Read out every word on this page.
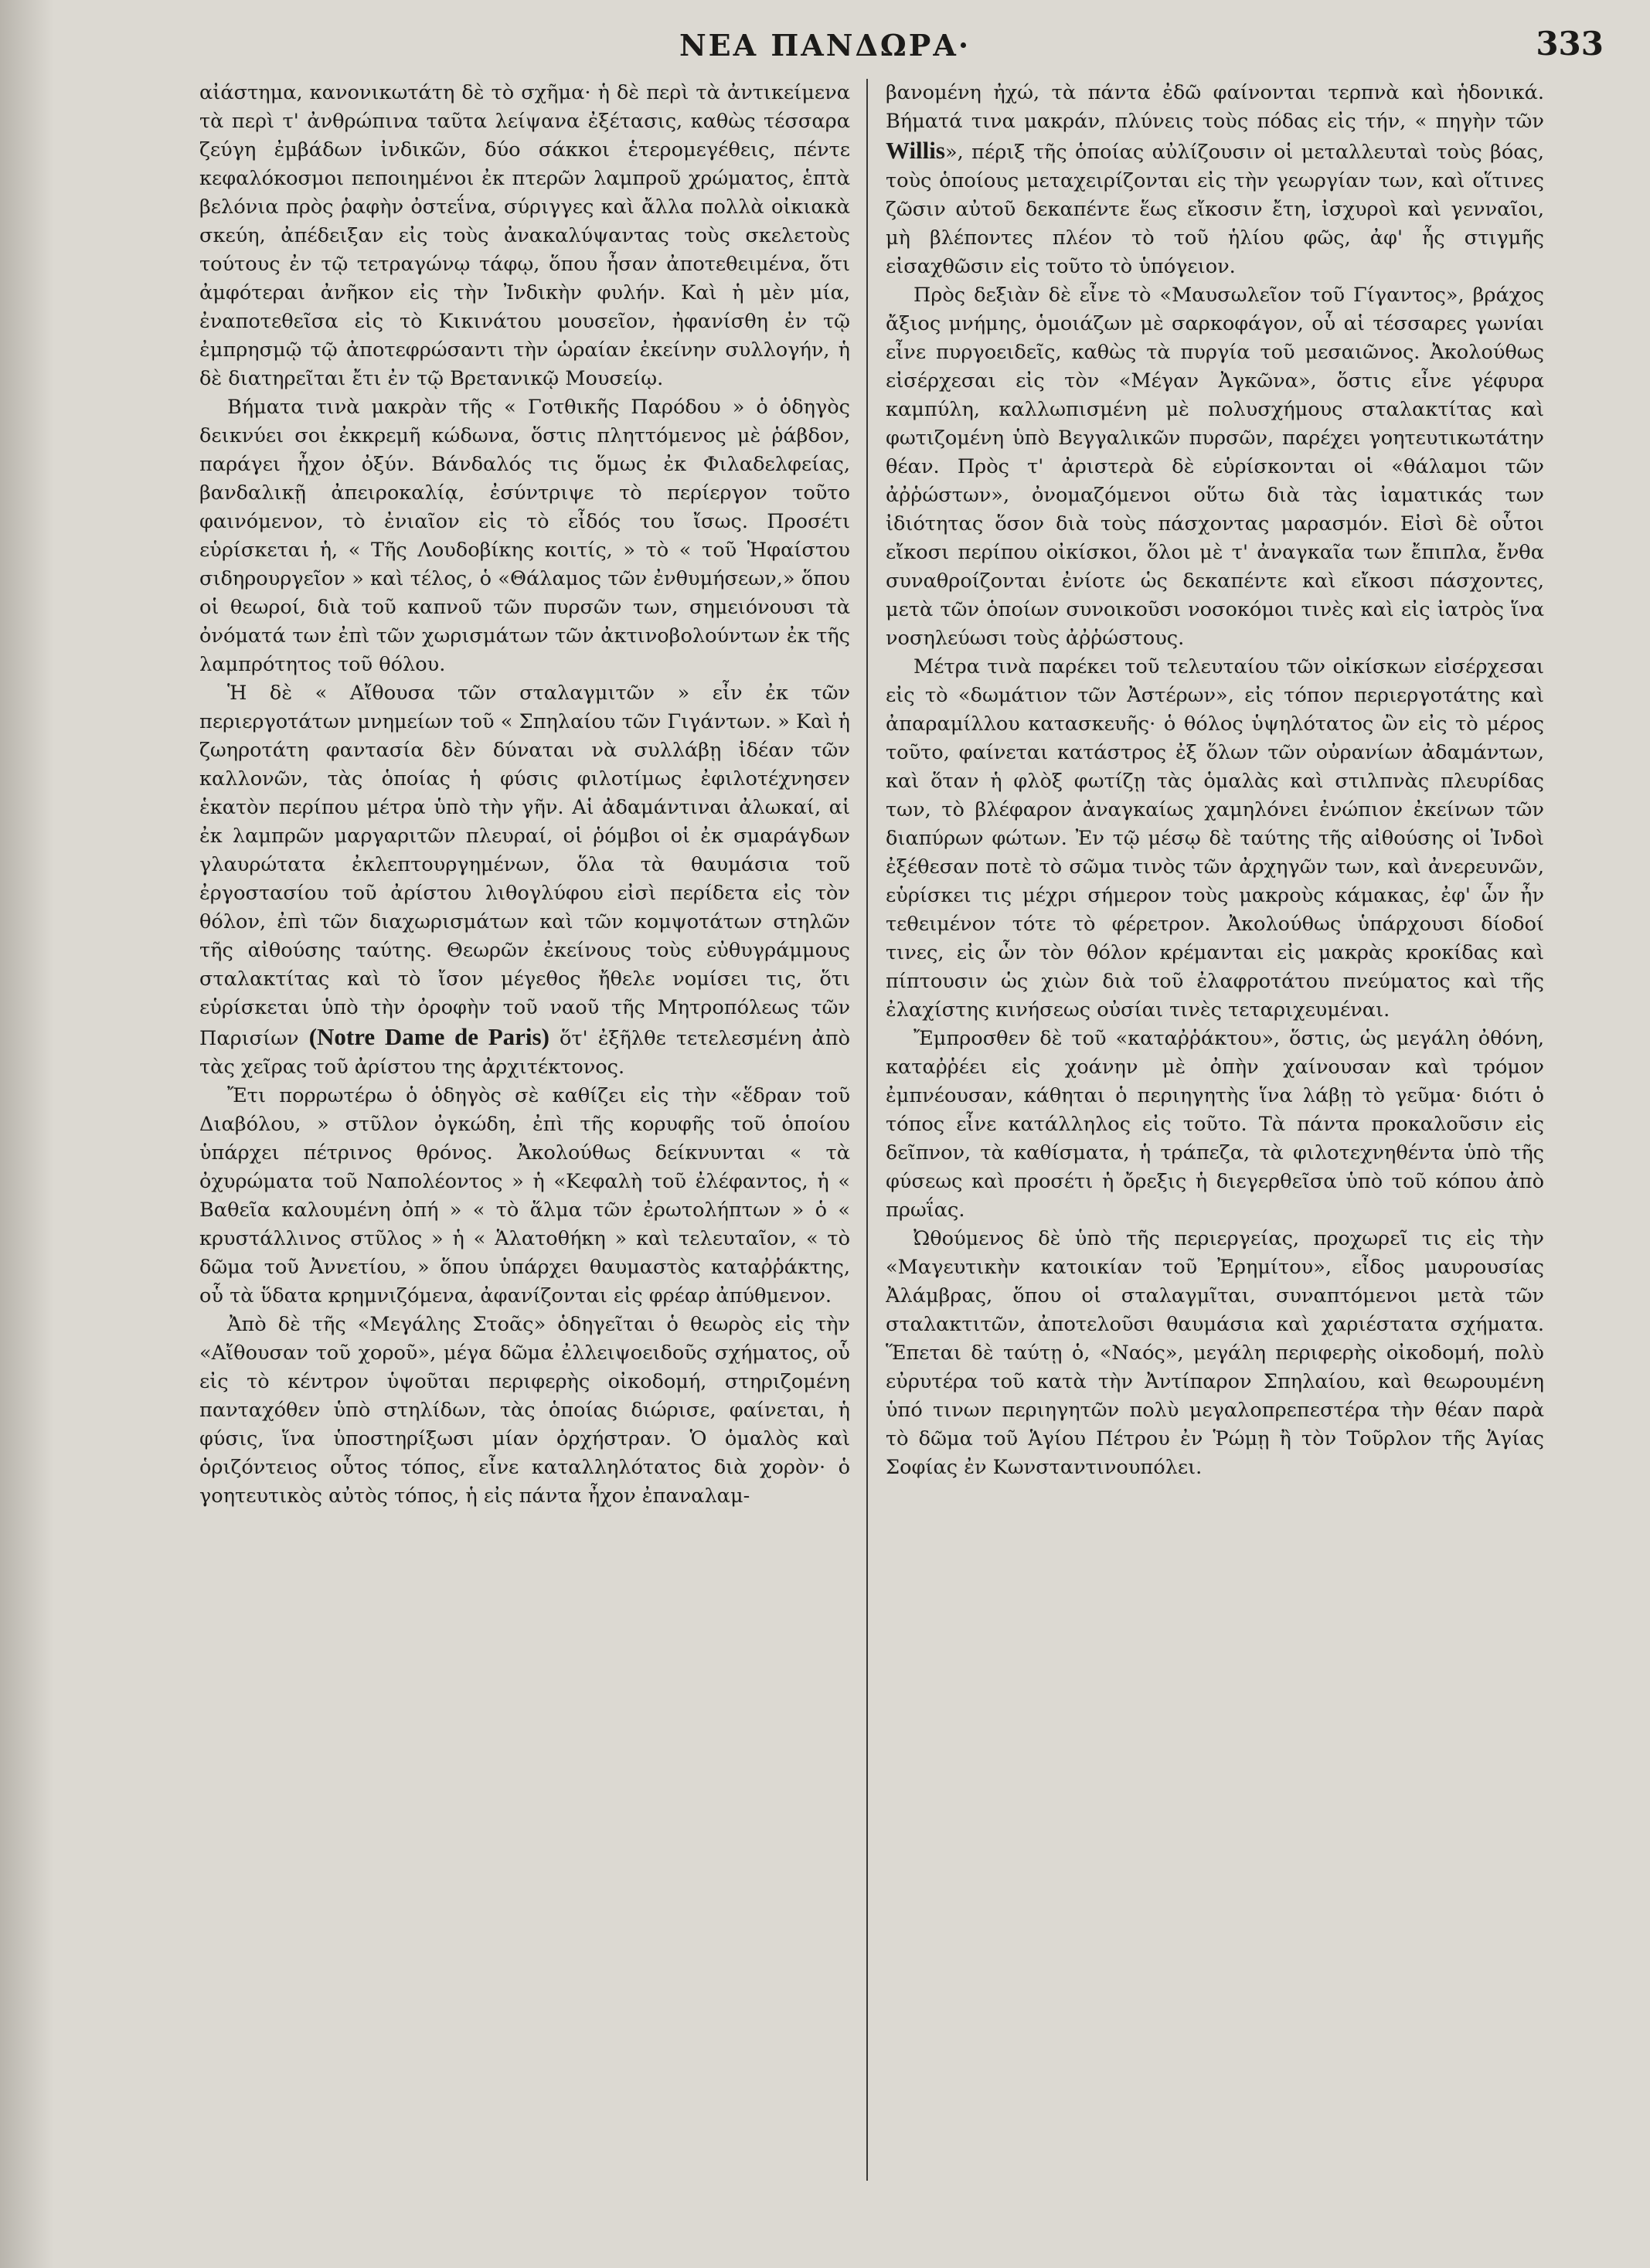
ΝΕΑ ΠΑΝΔΩΡΑ·	333

αἰάστημα, κανονικωτάτη δὲ τὸ σχῆμα· ἡ δὲ περὶ τὰ ἀντικείμενα τὰ περὶ τ' ἀνθρώπινα ταῦτα λείψανα ἐξέτασις, καθὼς τέσσαρα ζεύγη ἐμβάδων ἰνδικῶν, δύο σάκκοι ἑτερομεγέθεις, πέντε κεφαλόκοσμοι πεποιημένοι ἐκ πτερῶν λαμπροῦ χρώματος, ἑπτὰ βελόνια πρὸς ῥαφὴν ὀστεΐνα, σύριγγες καὶ ἄλλα πολλὰ οἰκιακὰ σκεύη, ἀπέδειξαν εἰς τοὺς ἀνακαλύψαντας τοὺς σκελετοὺς τούτους ἐν τῷ τετραγώνῳ τάφῳ, ὅπου ἦσαν ἀποτεθειμένα, ὅτι ἀμφότεραι ἀνῆκον εἰς τὴν Ἰνδικὴν φυλήν. Καὶ ἡ μὲν μία, ἐναποτεθεῖσα εἰς τὸ Κικινάτου μουσεῖον, ἠφανίσθη ἐν τῷ ἐμπρησμῷ τῷ ἀποτεφρώσαντι τὴν ὡραίαν ἐκείνην συλλογήν, ἡ δὲ διατηρεῖται ἔτι ἐν τῷ Βρετανικῷ Μουσείῳ.

Βήματα τινὰ μακρὰν τῆς « Γοτθικῆς Παρόδου » ὁ ὁδηγὸς δεικνύει σοι ἐκκρεμῆ κώδωνα, ὅστις πληττόμενος μὲ ῥάβδον, παράγει ἦχον ὀξύν. Βάνδαλός τις ὅμως ἐκ Φιλαδελφείας, βανδαλικῇ ἀπειροκαλίᾳ, ἐσύντριψε τὸ περίεργον τοῦτο φαινόμενον, τὸ ἐνιαῖον εἰς τὸ εἶδός του ἴσως. Προσέτι εὑρίσκεται ἡ, « Τῆς Λουδοβίκης κοιτίς, » τὸ « τοῦ Ἡφαίστου σιδηρουργεῖον » καὶ τέλος, ὁ «Θάλαμος τῶν ἐνθυμήσεων,» ὅπου οἱ θεωροί, διὰ τοῦ καπνοῦ τῶν πυρσῶν των, σημειόνουσι τὰ ὀνόματά των ἐπὶ τῶν χωρισμάτων τῶν ἀκτινοβολούντων ἐκ τῆς λαμπρότητος τοῦ θόλου.

Ἡ δὲ « Αἴθουσα τῶν σταλαγμιτῶν » εἶν ἐκ τῶν περιεργοτάτων μνημείων τοῦ « Σπηλαίου τῶν Γιγάντων. » Καὶ ἡ ζωηροτάτη φαντασία δὲν δύναται νὰ συλλάβῃ ἰδέαν τῶν καλλονῶν, τὰς ὁποίας ἡ φύσις φιλοτίμως ἐφιλοτέχνησεν ἑκατὸν περίπου μέτρα ὑπὸ τὴν γῆν. Αἱ ἀδαμάντιναι ἀλωκαί, αἱ ἐκ λαμπρῶν μαργαριτῶν πλευραί, οἱ ῥόμβοι οἱ ἐκ σμαράγδων γλαυρώτατα ἐκλεπτουργημένων, ὅλα τὰ θαυμάσια τοῦ ἐργοστασίου τοῦ ἀρίστου λιθογλύφου εἰσὶ περίδετα εἰς τὸν θόλον, ἐπὶ τῶν διαχωρισμάτων καὶ τῶν κομψοτάτων στηλῶν τῆς αἰθούσης ταύτης. Θεωρῶν ἐκείνους τοὺς εὐθυγράμμους σταλακτίτας καὶ τὸ ἴσον μέγεθος ἤθελε νομίσει τις, ὅτι εὑρίσκεται ὑπὸ τὴν ὀροφὴν τοῦ ναοῦ τῆς Μητροπόλεως τῶν Παρισίων (Notre Dame de Paris) ὅτ' ἐξῆλθε τετελεσμένη ἀπὸ τὰς χεῖρας τοῦ ἀρίστου της ἀρχιτέκτονος.

Ἔτι πορρωτέρω ὁ ὁδηγὸς σὲ καθίζει εἰς τὴν «ἕδραν τοῦ Διαβόλου, » στῦλον ὀγκώδη, ἐπὶ τῆς κορυφῆς τοῦ ὁποίου ὑπάρχει πέτρινος θρόνος. Ἀκολούθως δείκνυνται « τὰ ὀχυρώματα τοῦ Ναπολέοντος » ἡ «Κεφαλὴ τοῦ ἐλέφαντος, ἡ « Βαθεῖα καλουμένη ὀπή » « τὸ ἅλμα τῶν ἐρωτολήπτων » ὁ « κρυστάλλινος στῦλος » ἡ « Ἁλατοθήκη » καὶ τελευταῖον, « τὸ δῶμα τοῦ Ἀννετίου, » ὅπου ὑπάρχει θαυμαστὸς καταῤῥάκτης, οὗ τὰ ὕδατα κρημνιζόμενα, ἀφανίζονται εἰς φρέαρ ἀπύθμενον.

Ἀπὸ δὲ τῆς «Μεγάλης Στοᾶς» ὁδηγεῖται ὁ θεωρὸς εἰς τὴν «Αἴθουσαν τοῦ χοροῦ», μέγα δῶμα ἐλλειψοειδοῦς σχήματος, οὗ εἰς τὸ κέντρον ὑψοῦται περιφερὴς οἰκοδομή, στηριζομένη πανταχόθεν ὑπὸ στηλίδων, τὰς ὁποίας διώρισε, φαίνεται, ἡ φύσις, ἵνα ὑποστηρίξωσι μίαν ὀρχήστραν. Ὁ ὁμαλὸς καὶ ὁριζόντειος οὗτος τόπος, εἶνε καταλληλότατος διὰ χορὸν· ὁ γοητευτικὸς αὐτὸς τόπος, ἡ εἰς πάντα ἦχον ἐπαναλαμ-

βανομένη ἠχώ, τὰ πάντα ἐδῶ φαίνονται τερπνὰ καὶ ἡδονικά. Βήματά τινα μακράν, πλύνεις τοὺς πόδας εἰς τήν, « πηγὴν τῶν Willis», πέριξ τῆς ὁποίας αὐλίζουσιν οἱ μεταλλευταὶ τοὺς βόας, τοὺς ὁποίους μεταχειρίζονται εἰς τὴν γεωργίαν των, καὶ οἵτινες ζῶσιν αὐτοῦ δεκαπέντε ἕως εἴκοσιν ἔτη, ἰσχυροὶ καὶ γενναῖοι, μὴ βλέποντες πλέον τὸ τοῦ ἡλίου φῶς, ἀφ' ἧς στιγμῆς εἰσαχθῶσιν εἰς τοῦτο τὸ ὑπόγειον.

Πρὸς δεξιὰν δὲ εἶνε τὸ «Μαυσωλεῖον τοῦ Γίγαντος», βράχος ἄξιος μνήμης, ὁμοιάζων μὲ σαρκοφάγον, οὗ αἱ τέσσαρες γωνίαι εἶνε πυργοειδεῖς, καθὼς τὰ πυργία τοῦ μεσαιῶνος. Ἀκολούθως εἰσέρχεσαι εἰς τὸν «Μέγαν Ἀγκῶνα», ὅστις εἶνε γέφυρα καμπύλη, καλλωπισμένη μὲ πολυσχήμους σταλακτίτας καὶ φωτιζομένη ὑπὸ Βεγγαλικῶν πυρσῶν, παρέχει γοητευτικωτάτην θέαν. Πρὸς τ' ἀριστερὰ δὲ εὑρίσκονται οἱ «θάλαμοι τῶν ἀῤῥώστων», ὀνομαζόμενοι οὕτω διὰ τὰς ἰαματικάς των ἰδιότητας ὅσον διὰ τοὺς πάσχοντας μαρασμόν. Εἰσὶ δὲ οὗτοι εἴκοσι περίπου οἰκίσκοι, ὅλοι μὲ τ' ἀναγκαῖα των ἔπιπλα, ἔνθα συναθροίζονται ἐνίοτε ὡς δεκαπέντε καὶ εἴκοσι πάσχοντες, μετὰ τῶν ὁποίων συνοικοῦσι νοσοκόμοι τινὲς καὶ εἰς ἰατρὸς ἵνα νοσηλεύωσι τοὺς ἀῤῥώστους.

Μέτρα τινὰ παρέκει τοῦ τελευταίου τῶν οἰκίσκων εἰσέρχεσαι εἰς τὸ «δωμάτιον τῶν Ἀστέρων», εἰς τόπον περιεργοτάτης καὶ ἀπαραμίλλου κατασκευῆς· ὁ θόλος ὑψηλότατος ὢν εἰς τὸ μέρος τοῦτο, φαίνεται κατάστρος ἐξ ὅλων τῶν οὐρανίων ἀδαμάντων, καὶ ὅταν ἡ φλὸξ φωτίζῃ τὰς ὁμαλὰς καὶ στιλπνὰς πλευρίδας των, τὸ βλέφαρον ἀναγκαίως χαμηλόνει ἐνώπιον ἐκείνων τῶν διαπύρων φώτων. Ἐν τῷ μέσῳ δὲ ταύτης τῆς αἰθούσης οἱ Ἰνδοὶ ἐξέθεσαν ποτὲ τὸ σῶμα τινὸς τῶν ἀρχηγῶν των, καὶ ἀνερευνῶν, εὑρίσκει τις μέχρι σήμερον τοὺς μακροὺς κάμακας, ἐφ' ὧν ἦν τεθειμένον τότε τὸ φέρετρον. Ἀκολούθως ὑπάρχουσι δίοδοί τινες, εἰς ὧν τὸν θόλον κρέμανται εἰς μακρὰς κροκίδας καὶ πίπτουσιν ὡς χιὼν διὰ τοῦ ἐλαφροτάτου πνεύματος καὶ τῆς ἐλαχίστης κινήσεως οὐσίαι τινὲς τεταριχευμέναι.

Ἔμπροσθεν δὲ τοῦ «καταῤῥάκτου», ὅστις, ὡς μεγάλη ὀθόνη, καταῤῥέει εἰς χοάνην μὲ ὀπὴν χαίνουσαν καὶ τρόμον ἐμπνέουσαν, κάθηται ὁ περιηγητὴς ἵνα λάβῃ τὸ γεῦμα· διότι ὁ τόπος εἶνε κατάλληλος εἰς τοῦτο. Τὰ πάντα προκαλοῦσιν εἰς δεῖπνον, τὰ καθίσματα, ἡ τράπεζα, τὰ φιλοτεχνηθέντα ὑπὸ τῆς φύσεως καὶ προσέτι ἡ ὄρεξις ἡ διεγερθεῖσα ὑπὸ τοῦ κόπου ἀπὸ πρωΐας.

Ὠθούμενος δὲ ὑπὸ τῆς περιεργείας, προχωρεῖ τις εἰς τὴν «Μαγευτικὴν κατοικίαν τοῦ Ἐρημίτου», εἶδος μαυρουσίας Ἀλάμβρας, ὅπου οἱ σταλαγμῖται, συναπτόμενοι μετὰ τῶν σταλακτιτῶν, ἀποτελοῦσι θαυμάσια καὶ χαριέστατα σχήματα. Ἕπεται δὲ ταύτῃ ὁ, «Ναός», μεγάλη περιφερὴς οἰκοδομή, πολὺ εὐρυτέρα τοῦ κατὰ τὴν Ἀντίπαρον Σπηλαίου, καὶ θεωρουμένη ὑπό τινων περιηγητῶν πολὺ μεγαλοπρεπεστέρα τὴν θέαν παρὰ τὸ δῶμα τοῦ Ἁγίου Πέτρου ἐν Ῥώμῃ ἢ τὸν Τοῦρλον τῆς Ἁγίας Σοφίας ἐν Κωνσταντινουπόλει.
